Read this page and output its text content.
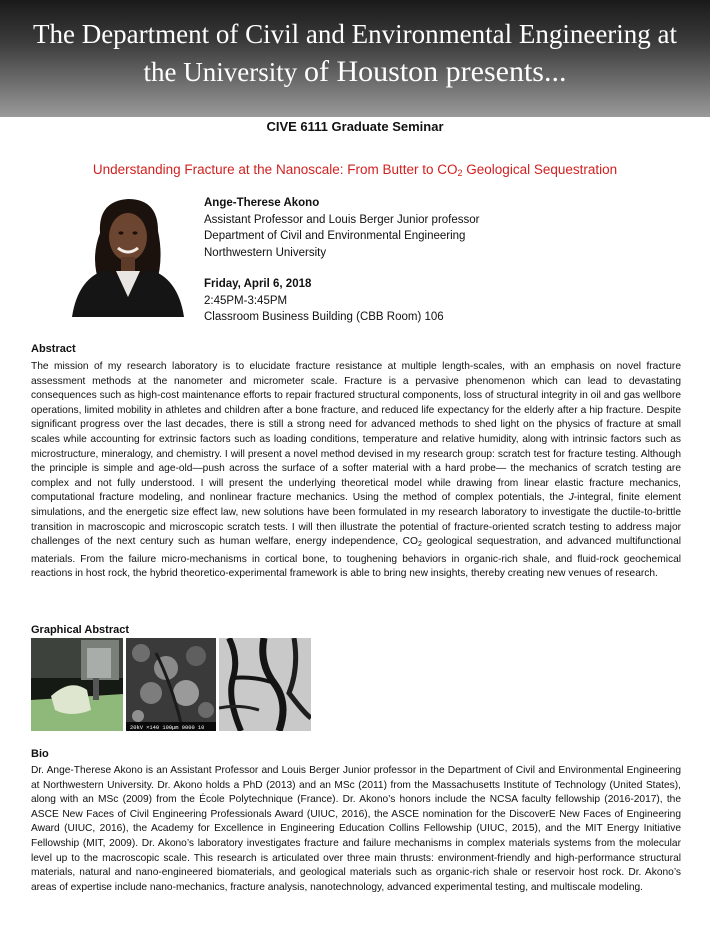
The Department of Civil and Environmental Engineering at
the University of Houston presents...
CIVE 6111 Graduate Seminar
Understanding Fracture at the Nanoscale: From Butter to $CO_2$ Geological Sequestration
Ange-Therese Akono
Assistant Professor and Louis Berger Junior professor
Department of Civil and Environmental Engineering
Northwestern University
Friday, April 6, 2018
2:45PM-3:45PM
Classroom Business Building (CBB Room) 106
Abstract
The mission of my research laboratory is to elucidate fracture resistance at multiple length-scales, with an emphasis on novel fracture assessment methods at the nanometer and micrometer scale. Fracture is a pervasive phenomenon which can lead to devastating consequences such as high-cost maintenance efforts to repair fractured structural components, loss of structural integrity in oil and gas wellbore operations, limited mobility in athletes and children after a bone fracture, and reduced life expectancy for the elderly after a hip fracture. Despite significant progress over the last decades, there is still a strong need for advanced methods to shed light on the physics of fracture at small scales while accounting for extrinsic factors such as loading conditions, temperature and relative humidity, along with intrinsic factors such as microstructure, mineralogy, and chemistry. I will present a novel method devised in my research group: scratch test for fracture testing. Although the principle is simple and age-old—push across the surface of a softer material with a hard probe— the mechanics of scratch testing are complex and not fully understood. I will present the underlying theoretical model while drawing from linear elastic fracture mechanics, computational fracture modeling, and nonlinear fracture mechanics. Using the method of complex potentials, the J-integral, finite element simulations, and the energetic size effect law, new solutions have been formulated in my research laboratory to investigate the ductile-to-brittle transition in macroscopic and microscopic scratch tests. I will then illustrate the potential of fracture-oriented scratch testing to address major challenges of the next century such as human welfare, energy independence, $CO_2$ geological sequestration, and advanced multifunctional materials. From the failure micro-mechanisms in cortical bone, to toughening behaviors in organic-rich shale, and fluid-rock geochemical reactions in host rock, the hybrid theoretico-experimental framework is able to bring new insights, thereby creating new venues of research.
Graphical Abstract
20kV ×140 100µm 0000 10
Bio
Dr. Ange-Therese Akono is an Assistant Professor and Louis Berger Junior professor in the Department of Civil and Environmental Engineering at Northwestern University. Dr. Akono holds a PhD (2013) and an MSc (2011) from the Massachusetts Institute of Technology (United States), along with an MSc (2009) from the École Polytechnique (France). Dr. Akono’s honors include the NCSA faculty fellowship (2016-2017), the ASCE New Faces of Civil Engineering Professionals Award (UIUC, 2016), the ASCE nomination for the DiscoverE New Faces of Engineering Award (UIUC, 2016), the Academy for Excellence in Engineering Education Collins Fellowship (UIUC, 2015), and the MIT Energy Initiative Fellowship (MIT, 2009). Dr. Akono’s laboratory investigates fracture and failure mechanisms in complex materials systems from the molecular level up to the macroscopic scale. This research is articulated over three main thrusts: environment-friendly and high-performance structural materials, natural and nano-engineered biomaterials, and geological materials such as organic-rich shale or reservoir host rock. Dr. Akono’s areas of expertise include nano-mechanics, fracture analysis, nanotechnology, advanced experimental testing, and multiscale modeling.
